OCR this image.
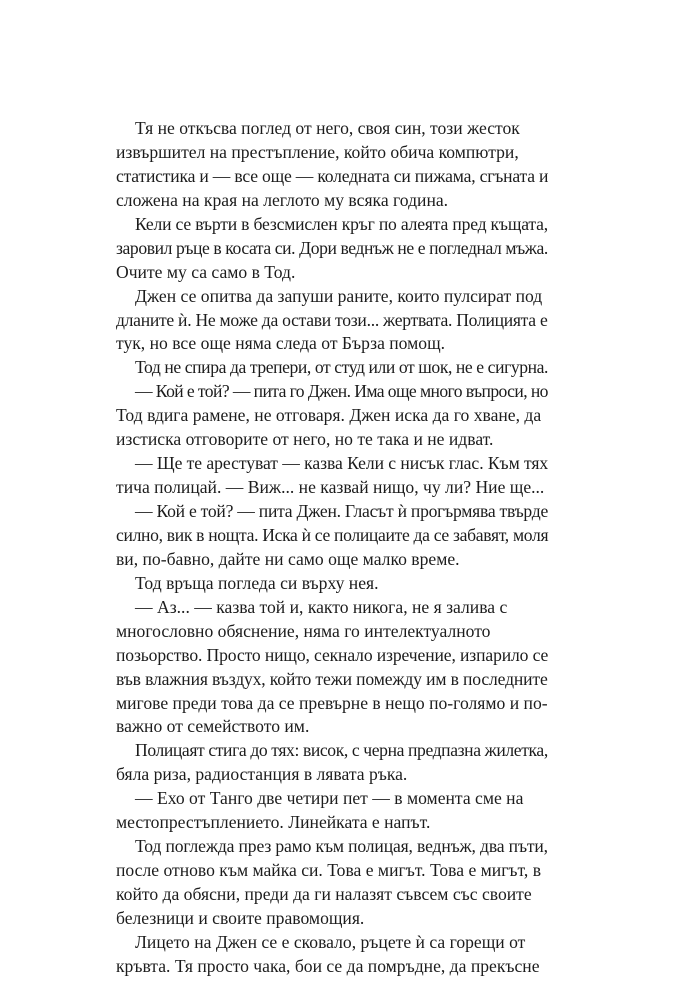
Тя не откъсва поглед от него, своя син, този жесток
извършител на престъпление, който обича компютри,
статистика и — все още — коледната си пижама, сгъната и
сложена на края на леглото му всяка година.
Кели се върти в безсмислен кръг по алеята пред къщата,
заровил ръце в косата си. Дори веднъж не е погледнал мъжа.
Очите му са само в Тод.
Джен се опитва да запуши раните, които пулсират под
дланите ѝ. Не може да остави този... жертвата. Полицията е
тук, но все още няма следа от Бърза помощ.
Тод не спира да трепери, от студ или от шок, не е сигурна.
— Кой е той? — пита го Джен. Има още много въпроси, но
Тод вдига рамене, не отговаря. Джен иска да го хване, да
изстиска отговорите от него, но те така и не идват.
— Ще те арестуват — казва Кели с нисък глас. Към тях
тича полицай. — Виж... не казвай нищо, чу ли? Ние ще...
— Кой е той? — пита Джен. Гласът ѝ прогърмява твърде
силно, вик в нощта. Иска ѝ се полицаите да се забавят, моля
ви, по-бавно, дайте ни само още малко време.
Тод връща погледа си върху нея.
— Аз... — казва той и, както никога, не я залива с
многословно обяснение, няма го интелектуалното
позьорство. Просто нищо, секнало изречение, изпарило се
във влажния въздух, който тежи помежду им в последните
мигове преди това да се превърне в нещо по-голямо и по-
важно от семейството им.
Полицаят стига до тях: висок, с черна предпазна жилетка,
бяла риза, радиостанция в лявата ръка.
— Ехо от Танго две четири пет — в момента сме на
местопрестъплението. Линейката е напът.
Тод поглежда през рамо към полицая, веднъж, два пъти,
после отново към майка си. Това е мигът. Това е мигът, в
който да обясни, преди да ги налазят съвсем със своите
белезници и своите правомощия.
Лицето на Джен се е сковало, ръцете ѝ са горещи от
кръвта. Тя просто чака, бои се да помръдне, да прекъсне
